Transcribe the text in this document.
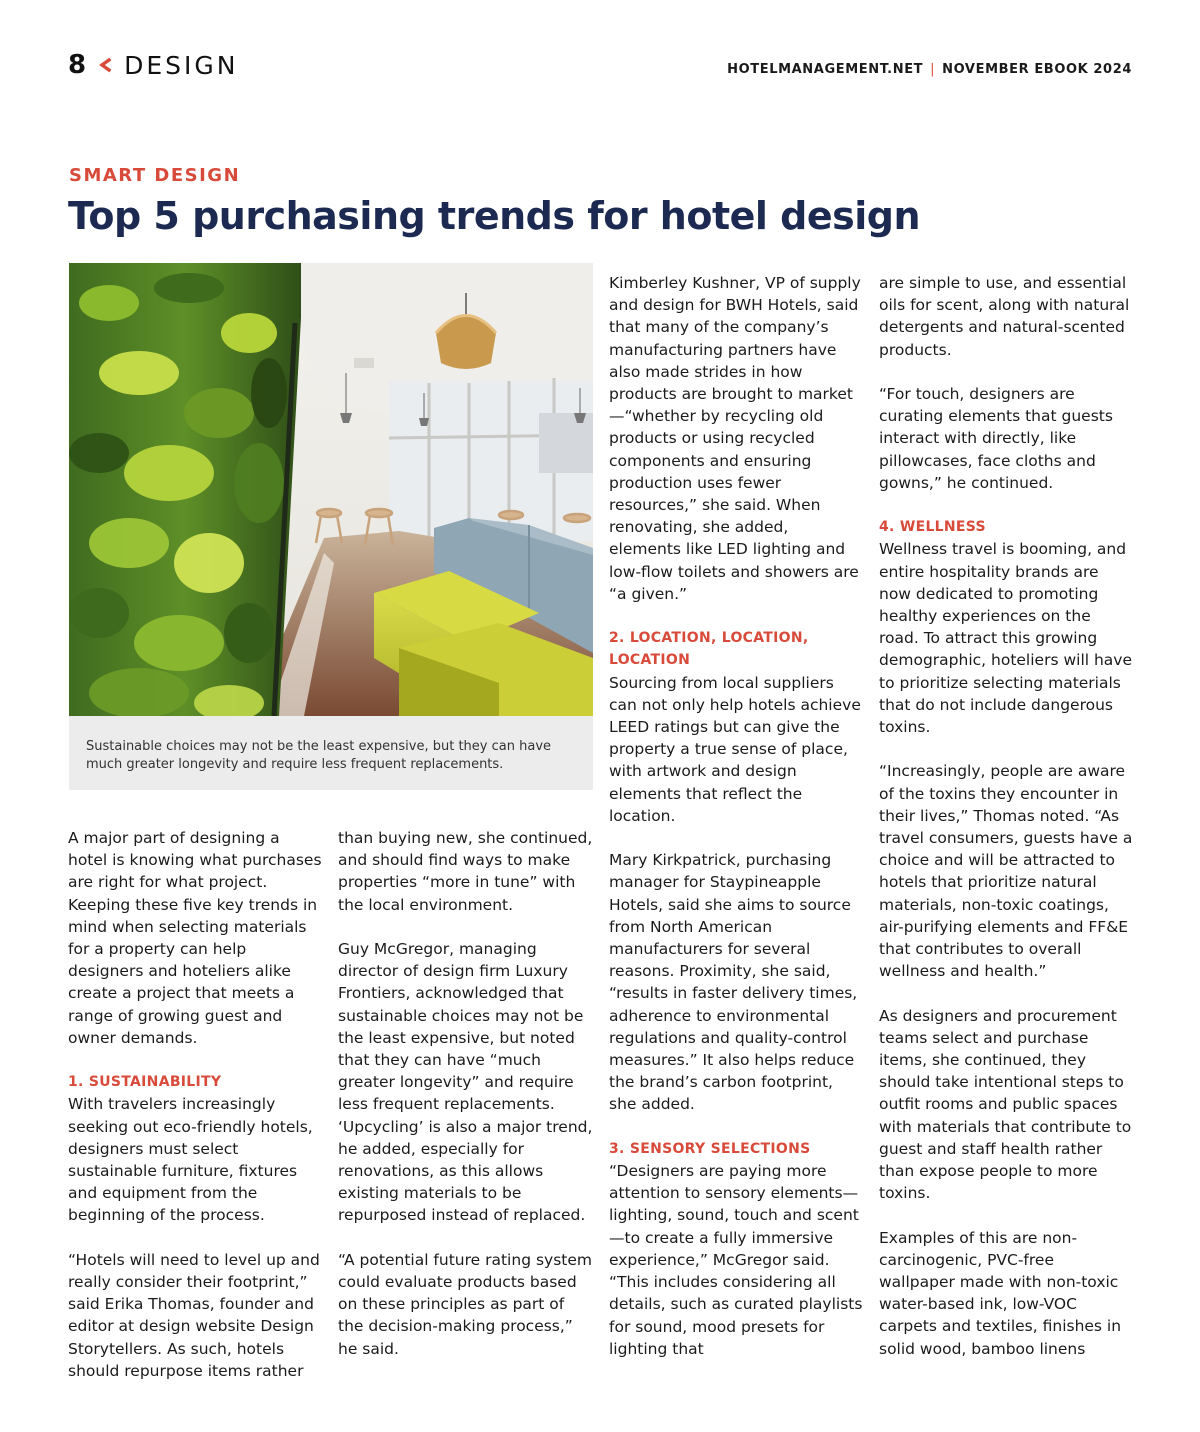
8 DESIGN	HOTELMANAGEMENT.NET | NOVEMBER EBOOK 2024
SMART DESIGN
Top 5 purchasing trends for hotel design
Sustainable choices may not be the least expensive, but they can have much greater longevity and require less frequent replacements.

A major part of designing a hotel is knowing what purchases are right for what project. Keeping these five key trends in mind when selecting materials for a property can help designers and hoteliers alike create a project that meets a range of growing guest and owner demands.

1. SUSTAINABILITY
With travelers increasingly seeking out eco-friendly hotels, designers must select sustainable furniture, fixtures and equipment from the beginning of the process.

“Hotels will need to level up and really consider their footprint,” said Erika Thomas, founder and editor at design website Design Storytellers. As such, hotels should repurpose items rather

than buying new, she continued, and should find ways to make properties “more in tune” with the local environment.

Guy McGregor, managing director of design firm Luxury Frontiers, acknowledged that sustainable choices may not be the least expensive, but noted that they can have “much greater longevity” and require less frequent replacements. ‘Upcycling’ is also a major trend, he added, especially for renovations, as this allows existing materials to be repurposed instead of replaced.

“A potential future rating system could evaluate products based on these principles as part of the decision-making process,” he said.

Kimberley Kushner, VP of supply and design for BWH Hotels, said that many of the company’s manufacturing partners have also made strides in how products are brought to market—“whether by recycling old products or using recycled components and ensuring production uses fewer resources,” she said. When renovating, she added, elements like LED lighting and low-flow toilets and showers are “a given.”

2. LOCATION, LOCATION, LOCATION
Sourcing from local suppliers can not only help hotels achieve LEED ratings but can give the property a true sense of place, with artwork and design elements that reflect the location.

Mary Kirkpatrick, purchasing manager for Staypineapple Hotels, said she aims to source from North American manufacturers for several reasons. Proximity, she said, “results in faster delivery times, adherence to environmental regulations and quality-control measures.” It also helps reduce the brand’s carbon footprint, she added.

3. SENSORY SELECTIONS
“Designers are paying more attention to sensory elements—lighting, sound, touch and scent—to create a fully immersive experience,” McGregor said. “This includes considering all details, such as curated playlists for sound, mood presets for lighting that

are simple to use, and essential oils for scent, along with natural detergents and natural-scented products.

“For touch, designers are curating elements that guests interact with directly, like pillowcases, face cloths and gowns,” he continued.

4. WELLNESS
Wellness travel is booming, and entire hospitality brands are now dedicated to promoting healthy experiences on the road. To attract this growing demographic, hoteliers will have to prioritize selecting materials that do not include dangerous toxins.

“Increasingly, people are aware of the toxins they encounter in their lives,” Thomas noted. “As travel consumers, guests have a choice and will be attracted to hotels that prioritize natural materials, non-toxic coatings, air-purifying elements and FF&E that contributes to overall wellness and health.”

As designers and procurement teams select and purchase items, she continued, they should take intentional steps to outfit rooms and public spaces with materials that contribute to guest and staff health rather than expose people to more toxins.

Examples of this are non-carcinogenic, PVC-free wallpaper made with non-toxic water-based ink, low-VOC carpets and textiles, finishes in solid wood, bamboo linens
